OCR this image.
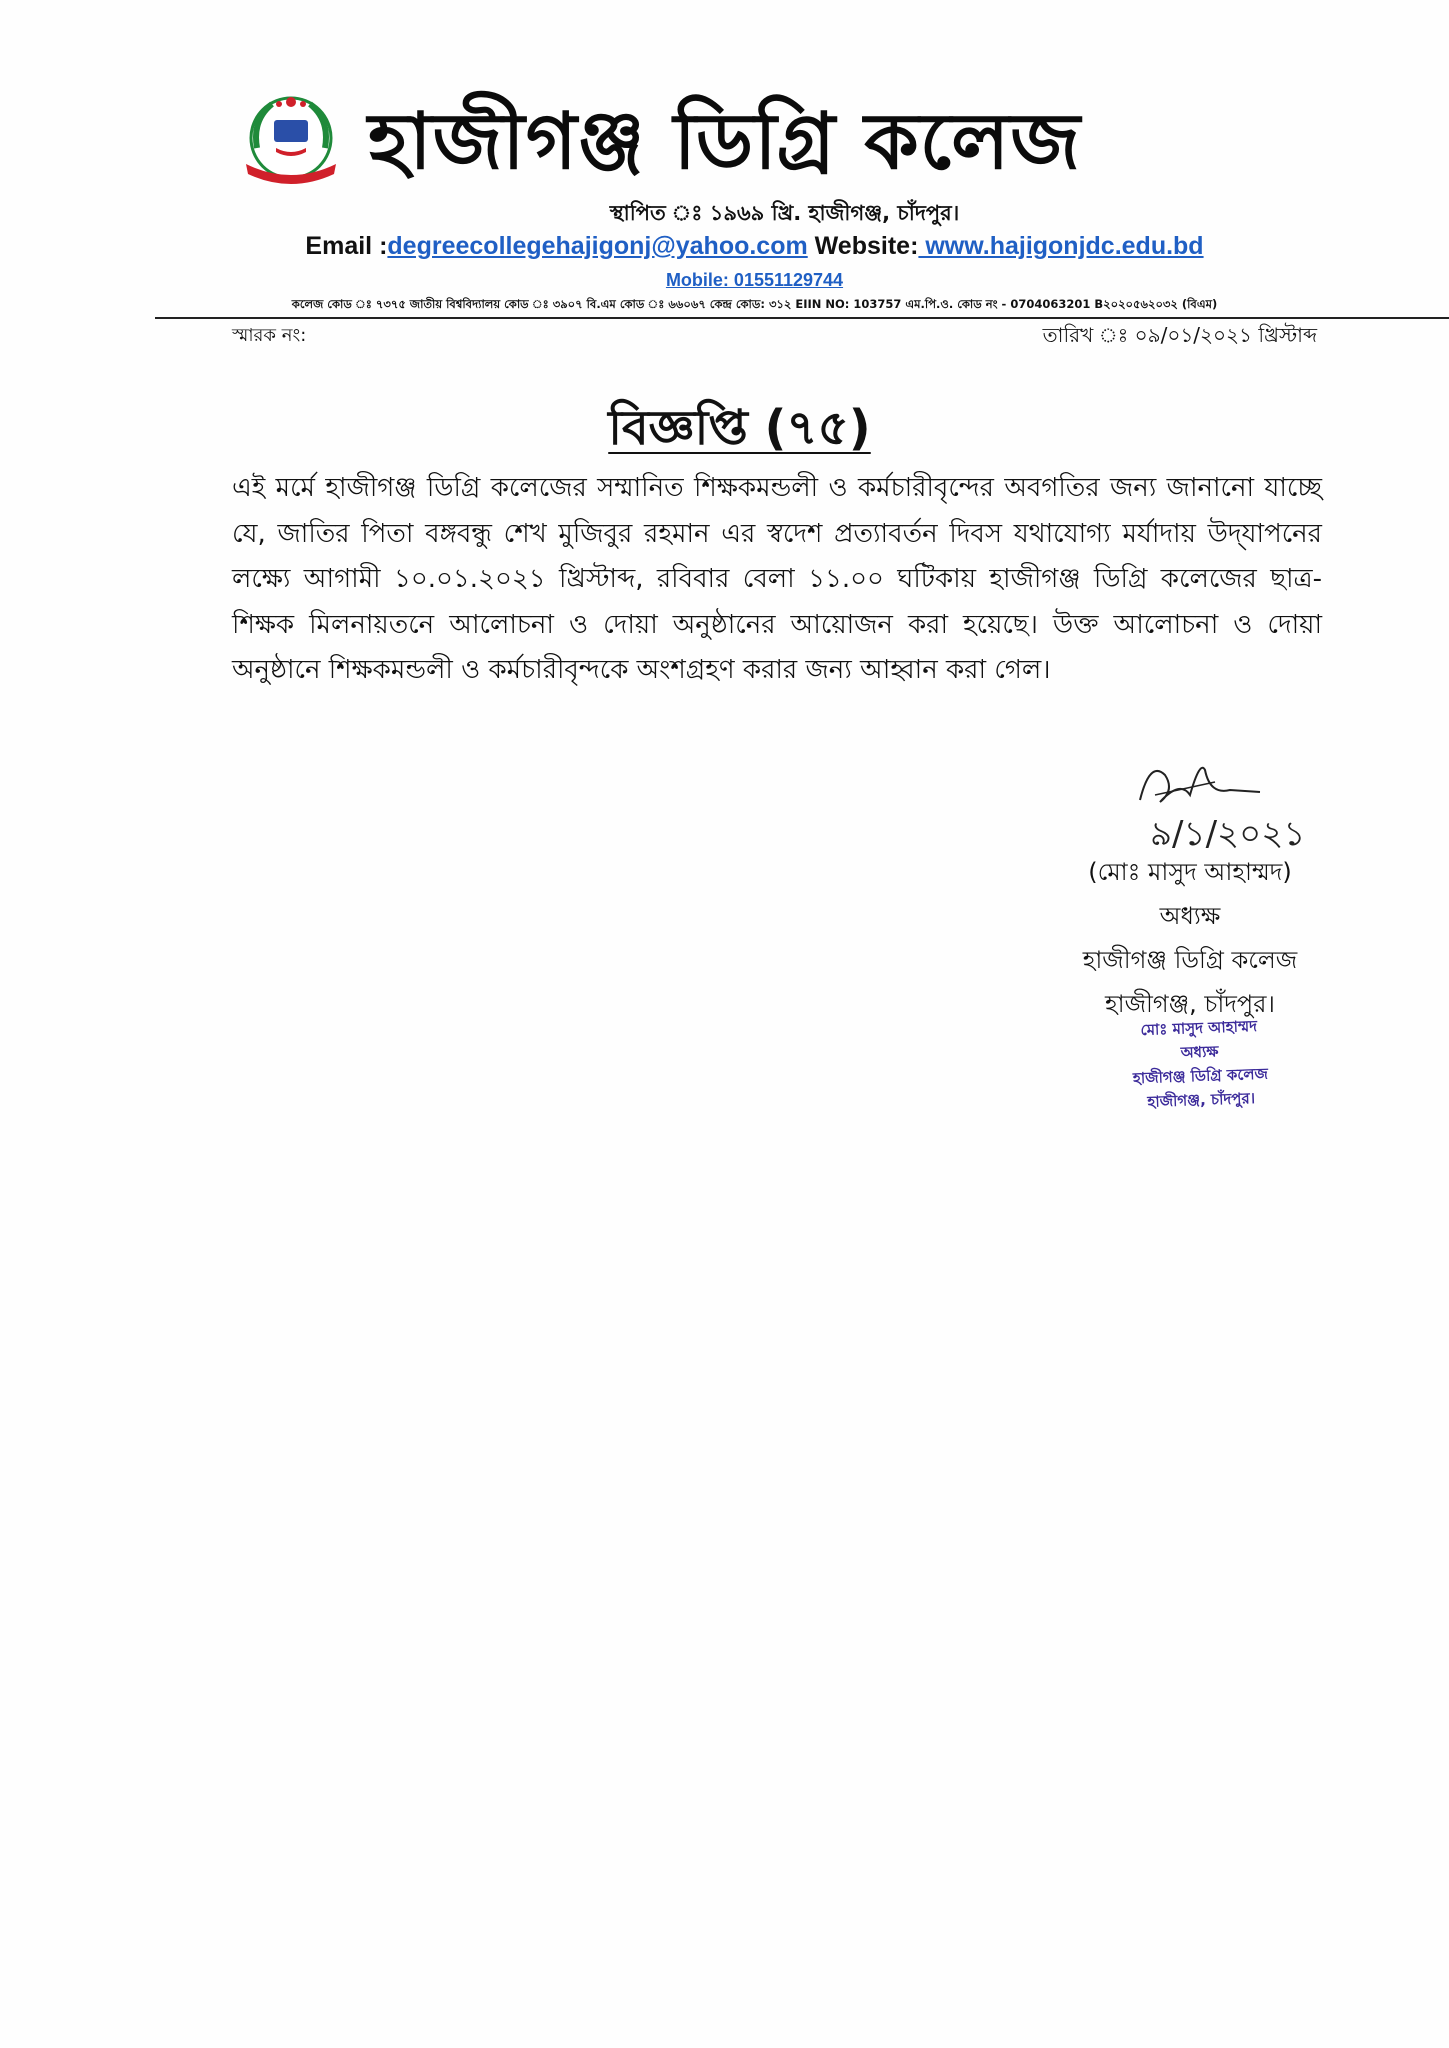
হাজীগঞ্জ ডিগ্রি কলেজ
স্থাপিত ঃ ১৯৬৯ খ্রি. হাজীগঞ্জ, চাঁদপুর।
Email :degreecollegehajigonj@yahoo.com Website: www.hajigonjdc.edu.bd
Mobile: 01551129744
কলেজ কোড ঃ ৭৩৭৫ জাতীয় বিশ্ববিদ্যালয় কোড ঃ ৩৯০৭ বি.এম কোড ঃ ৬৬০৬৭ কেন্দ্র কোড: ৩১২ EIIN NO: 103757 এম.পি.ও. কোড নং - 0704063201 B২০২০৫৬২০৩২ (বিএম)
স্মারক নং:	তারিখ ঃ ০৯/০১/২০২১ খ্রিস্টাব্দ
বিজ্ঞপ্তি (৭৫)
এই মর্মে হাজীগঞ্জ ডিগ্রি কলেজের সম্মানিত শিক্ষকমন্ডলী ও কর্মচারীবৃন্দের অবগতির জন্য জানানো যাচ্ছে যে, জাতির পিতা বঙ্গবন্ধু শেখ মুজিবুর রহমান এর স্বদেশ প্রত্যাবর্তন দিবস যথাযোগ্য মর্যাদায় উদ্‌যাপনের লক্ষ্যে আগামী ১০.০১.২০২১ খ্রিস্টাব্দ, রবিবার বেলা ১১.০০ ঘটিকায় হাজীগঞ্জ ডিগ্রি কলেজের ছাত্র-শিক্ষক মিলনায়তনে আলোচনা ও দোয়া অনুষ্ঠানের আয়োজন করা হয়েছে। উক্ত আলোচনা ও দোয়া অনুষ্ঠানে শিক্ষকমন্ডলী ও কর্মচারীবৃন্দকে অংশগ্রহণ করার জন্য আহ্বান করা গেল।
৯/১/২০২১
(মোঃ মাসুদ আহাম্মদ)
অধ্যক্ষ
হাজীগঞ্জ ডিগ্রি কলেজ
হাজীগঞ্জ, চাঁদপুর।
মোঃ মাসুদ আহাম্মদ
অধ্যক্ষ
হাজীগঞ্জ ডিগ্রি কলেজ
হাজীগঞ্জ, চাঁদপুর।
